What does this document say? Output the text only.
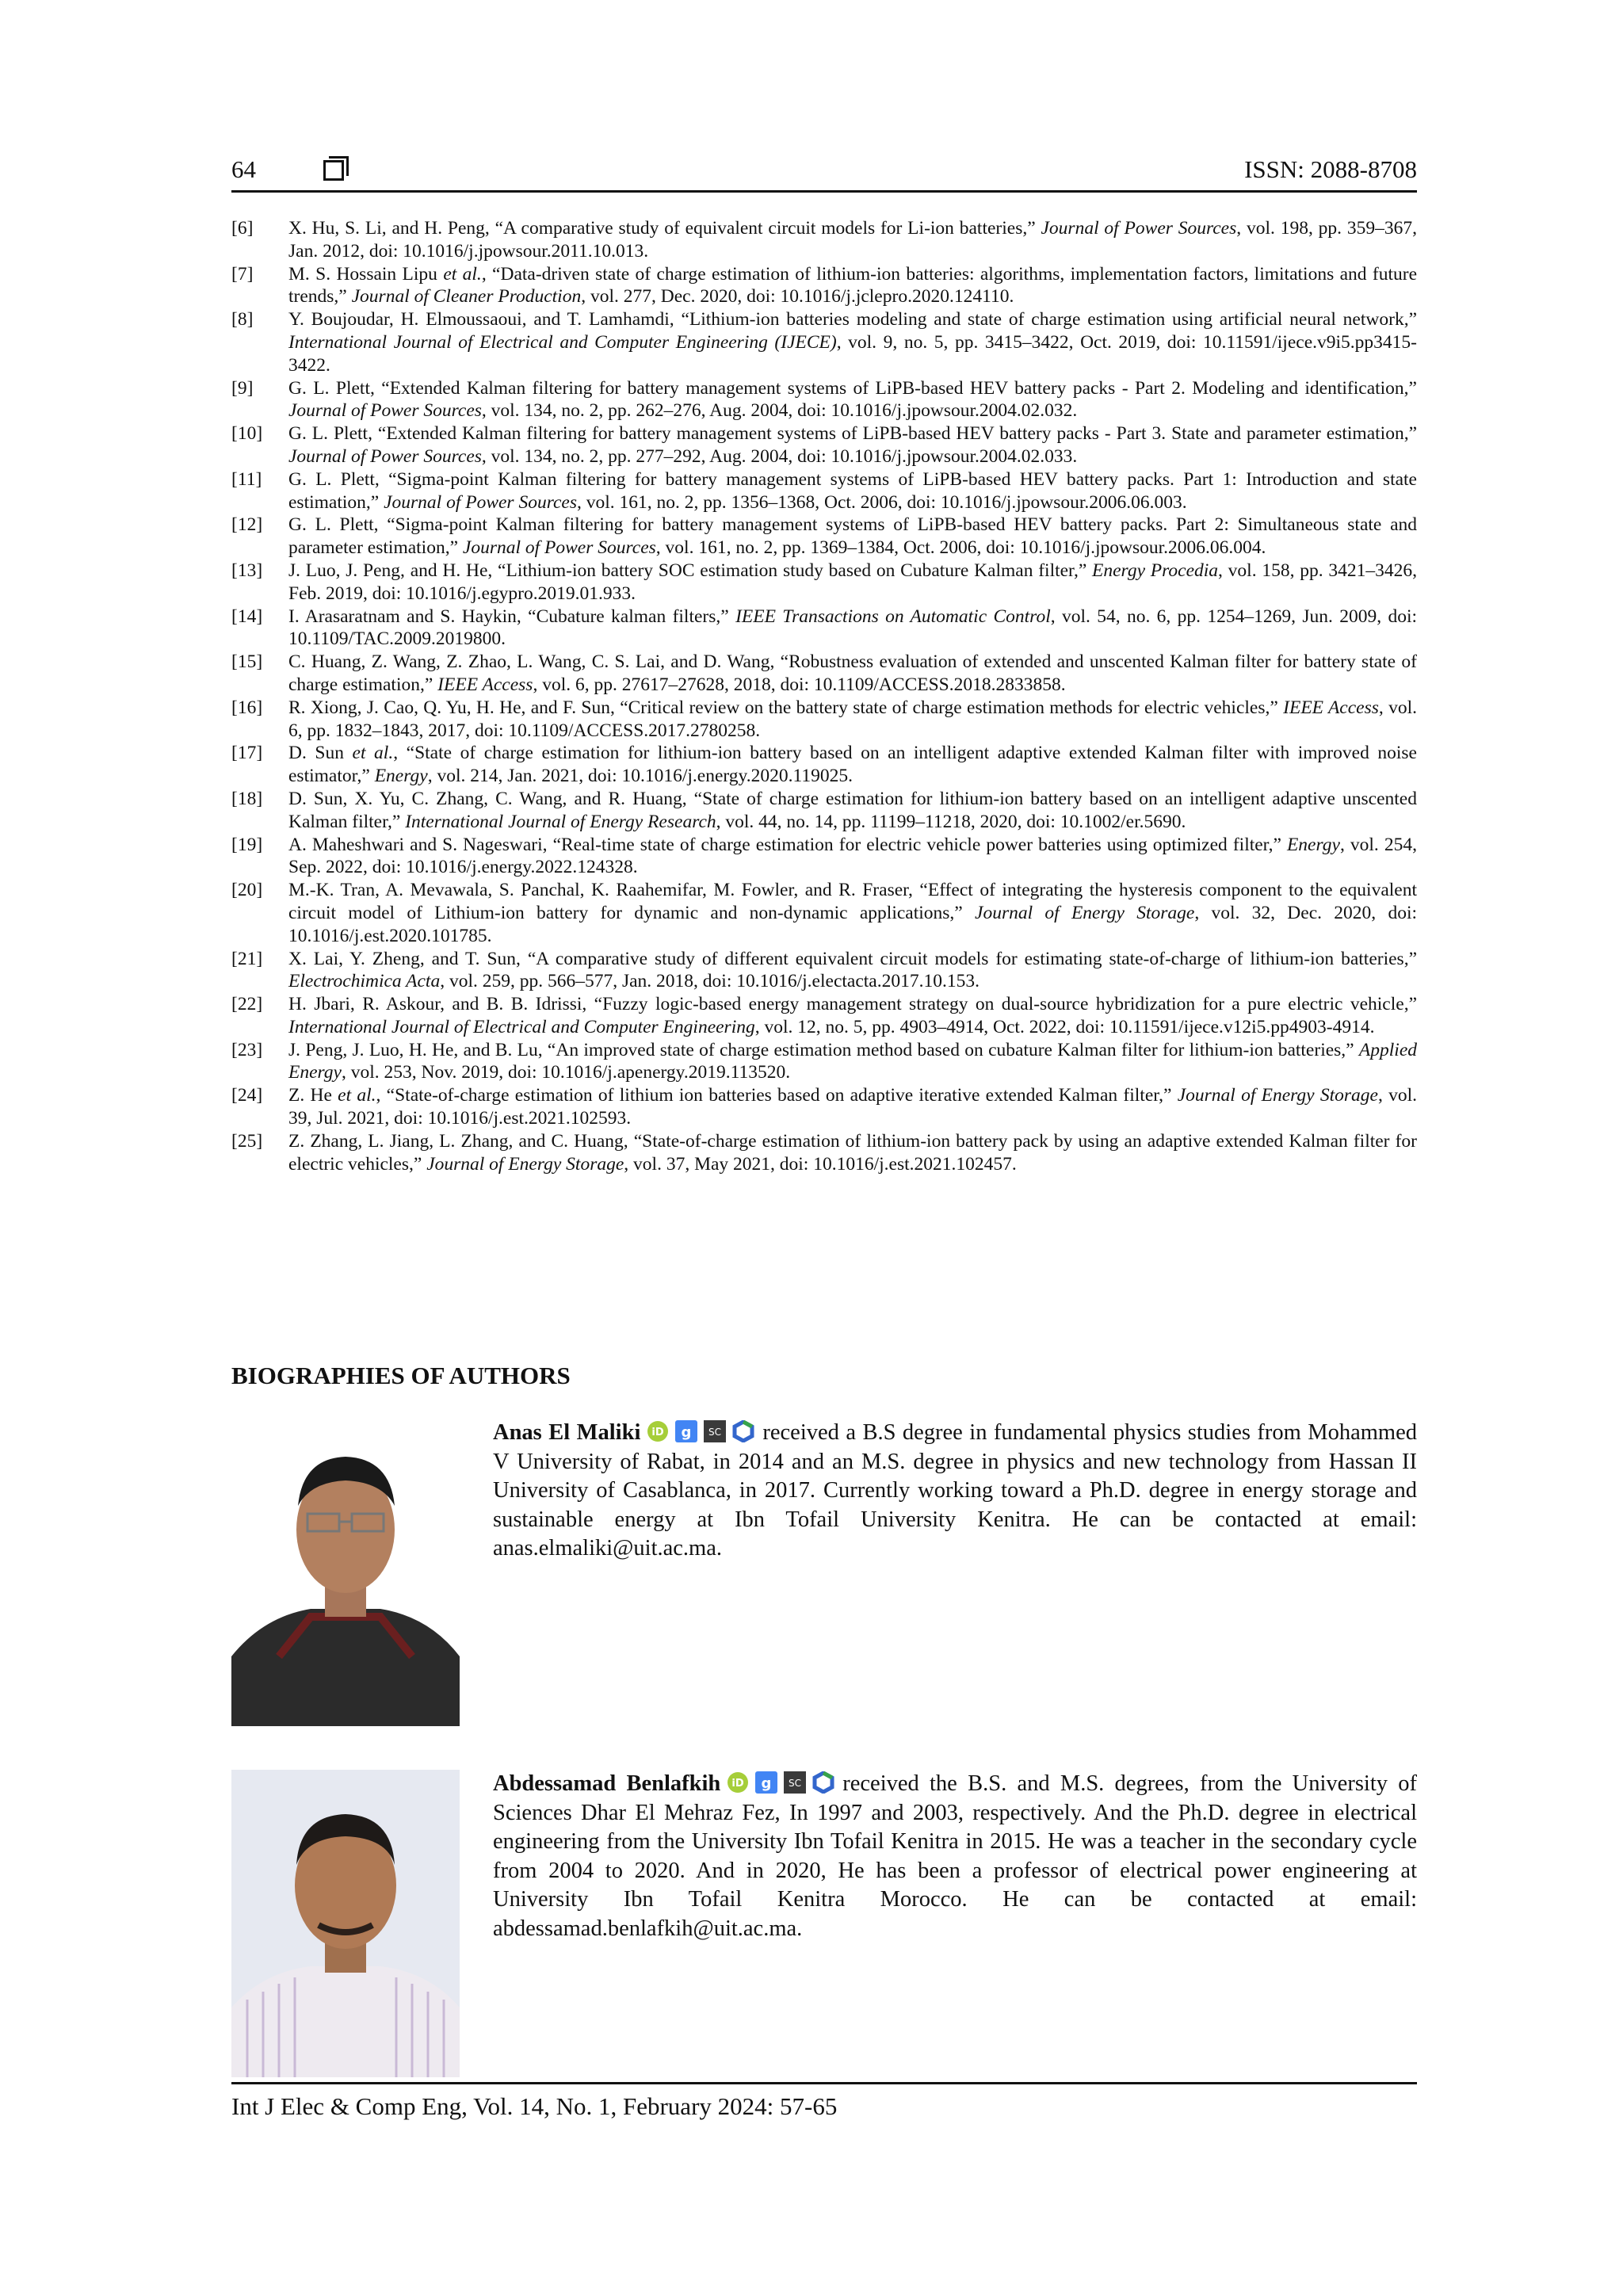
64	ISSN: 2088-8708
[6]	X. Hu, S. Li, and H. Peng, “A comparative study of equivalent circuit models for Li-ion batteries,” Journal of Power Sources, vol. 198, pp. 359–367, Jan. 2012, doi: 10.1016/j.jpowsour.2011.10.013.
[7]	M. S. Hossain Lipu et al., “Data-driven state of charge estimation of lithium-ion batteries: algorithms, implementation factors, limitations and future trends,” Journal of Cleaner Production, vol. 277, Dec. 2020, doi: 10.1016/j.jclepro.2020.124110.
[8]	Y. Boujoudar, H. Elmoussaoui, and T. Lamhamdi, “Lithium-ion batteries modeling and state of charge estimation using artificial neural network,” International Journal of Electrical and Computer Engineering (IJECE), vol. 9, no. 5, pp. 3415–3422, Oct. 2019, doi: 10.11591/ijece.v9i5.pp3415-3422.
[9]	G. L. Plett, “Extended Kalman filtering for battery management systems of LiPB-based HEV battery packs - Part 2. Modeling and identification,” Journal of Power Sources, vol. 134, no. 2, pp. 262–276, Aug. 2004, doi: 10.1016/j.jpowsour.2004.02.032.
[10]	G. L. Plett, “Extended Kalman filtering for battery management systems of LiPB-based HEV battery packs - Part 3. State and parameter estimation,” Journal of Power Sources, vol. 134, no. 2, pp. 277–292, Aug. 2004, doi: 10.1016/j.jpowsour.2004.02.033.
[11]	G. L. Plett, “Sigma-point Kalman filtering for battery management systems of LiPB-based HEV battery packs. Part 1: Introduction and state estimation,” Journal of Power Sources, vol. 161, no. 2, pp. 1356–1368, Oct. 2006, doi: 10.1016/j.jpowsour.2006.06.003.
[12]	G. L. Plett, “Sigma-point Kalman filtering for battery management systems of LiPB-based HEV battery packs. Part 2: Simultaneous state and parameter estimation,” Journal of Power Sources, vol. 161, no. 2, pp. 1369–1384, Oct. 2006, doi: 10.1016/j.jpowsour.2006.06.004.
[13]	J. Luo, J. Peng, and H. He, “Lithium-ion battery SOC estimation study based on Cubature Kalman filter,” Energy Procedia, vol. 158, pp. 3421–3426, Feb. 2019, doi: 10.1016/j.egypro.2019.01.933.
[14]	I. Arasaratnam and S. Haykin, “Cubature kalman filters,” IEEE Transactions on Automatic Control, vol. 54, no. 6, pp. 1254–1269, Jun. 2009, doi: 10.1109/TAC.2009.2019800.
[15]	C. Huang, Z. Wang, Z. Zhao, L. Wang, C. S. Lai, and D. Wang, “Robustness evaluation of extended and unscented Kalman filter for battery state of charge estimation,” IEEE Access, vol. 6, pp. 27617–27628, 2018, doi: 10.1109/ACCESS.2018.2833858.
[16]	R. Xiong, J. Cao, Q. Yu, H. He, and F. Sun, “Critical review on the battery state of charge estimation methods for electric vehicles,” IEEE Access, vol. 6, pp. 1832–1843, 2017, doi: 10.1109/ACCESS.2017.2780258.
[17]	D. Sun et al., “State of charge estimation for lithium-ion battery based on an intelligent adaptive extended Kalman filter with improved noise estimator,” Energy, vol. 214, Jan. 2021, doi: 10.1016/j.energy.2020.119025.
[18]	D. Sun, X. Yu, C. Zhang, C. Wang, and R. Huang, “State of charge estimation for lithium-ion battery based on an intelligent adaptive unscented Kalman filter,” International Journal of Energy Research, vol. 44, no. 14, pp. 11199–11218, 2020, doi: 10.1002/er.5690.
[19]	A. Maheshwari and S. Nageswari, “Real-time state of charge estimation for electric vehicle power batteries using optimized filter,” Energy, vol. 254, Sep. 2022, doi: 10.1016/j.energy.2022.124328.
[20]	M.-K. Tran, A. Mevawala, S. Panchal, K. Raahemifar, M. Fowler, and R. Fraser, “Effect of integrating the hysteresis component to the equivalent circuit model of Lithium-ion battery for dynamic and non-dynamic applications,” Journal of Energy Storage, vol. 32, Dec. 2020, doi: 10.1016/j.est.2020.101785.
[21]	X. Lai, Y. Zheng, and T. Sun, “A comparative study of different equivalent circuit models for estimating state-of-charge of lithium-ion batteries,” Electrochimica Acta, vol. 259, pp. 566–577, Jan. 2018, doi: 10.1016/j.electacta.2017.10.153.
[22]	H. Jbari, R. Askour, and B. B. Idrissi, “Fuzzy logic-based energy management strategy on dual-source hybridization for a pure electric vehicle,” International Journal of Electrical and Computer Engineering, vol. 12, no. 5, pp. 4903–4914, Oct. 2022, doi: 10.11591/ijece.v12i5.pp4903-4914.
[23]	J. Peng, J. Luo, H. He, and B. Lu, “An improved state of charge estimation method based on cubature Kalman filter for lithium-ion batteries,” Applied Energy, vol. 253, Nov. 2019, doi: 10.1016/j.apenergy.2019.113520.
[24]	Z. He et al., “State-of-charge estimation of lithium ion batteries based on adaptive iterative extended Kalman filter,” Journal of Energy Storage, vol. 39, Jul. 2021, doi: 10.1016/j.est.2021.102593.
[25]	Z. Zhang, L. Jiang, L. Zhang, and C. Huang, “State-of-charge estimation of lithium-ion battery pack by using an adaptive extended Kalman filter for electric vehicles,” Journal of Energy Storage, vol. 37, May 2021, doi: 10.1016/j.est.2021.102457.
BIOGRAPHIES OF AUTHORS
Anas El Maliki iD g SC received a B.S degree in fundamental physics studies from Mohammed V University of Rabat, in 2014 and an M.S. degree in physics and new technology from Hassan II University of Casablanca, in 2017. Currently working toward a Ph.D. degree in energy storage and sustainable energy at Ibn Tofail University Kenitra. He can be contacted at email: anas.elmaliki@uit.ac.ma.
Abdessamad Benlafkih iD g SC received the B.S. and M.S. degrees, from the University of Sciences Dhar El Mehraz Fez, In 1997 and 2003, respectively. And the Ph.D. degree in electrical engineering from the University Ibn Tofail Kenitra in 2015. He was a teacher in the secondary cycle from 2004 to 2020. And in 2020, He has been a professor of electrical power engineering at University Ibn Tofail Kenitra Morocco. He can be contacted at email: abdessamad.benlafkih@uit.ac.ma.
Int J Elec & Comp Eng, Vol. 14, No. 1, February 2024: 57-65
